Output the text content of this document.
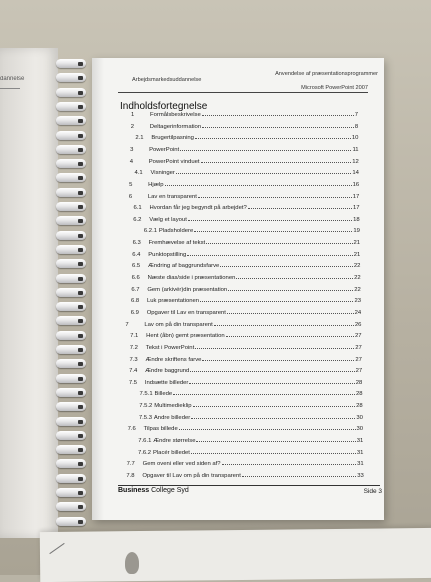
dannelse	Arbejdsmarkedsuddannelse
Anvendelse af præsentationsprogrammer
Microsoft PowerPoint 2007
Indholdsfortegnelse
1	Formålsbeskrivelse	7
2	Deltagerinformation	8
2.1 Brugertilpasning	10
3	PowerPoint	11
4	PowerPoint vinduet	12
4.1 Visninger	14
5	Hjælp	16
6	Lav en transparent	17
6.1 Hvordan får jeg begyndt på arbejdet?	17
6.2 Vælg et layout	18
6.2.1 Pladsholdere	19
6.3 Fremhævelse af tekst	21
6.4 Punktopstilling	21
6.5 Ændring af baggrundsfarve	22
6.6 Næste dias/side i præsentationen	22
6.7 Gem (arkivér)din præsentation	22
6.8 Luk præsentationen	23
6.9 Opgaver til Lav en transparent	24
7	Lav om på din transparent	26
7.1 Hent (åbn) gemt præsentation	27
7.2 Tekst i PowerPoint	27
7.3 Ændre skriftens farve	27
7.4 Ændre baggrund	27
7.5 Indsætte billeder	28
7.5.1 Billede	28
7.5.2 Multimedieklip	28
7.5.3 Andre billeder	30
7.6 Tilpas billede	30
7.6.1 Ændre størrelse	31
7.6.2 Placér billedet	31
7.7 Gem oveni eller ved siden af?	31
7.8 Opgaver til Lav om på din transparent	33
Business College Syd	Side 3
